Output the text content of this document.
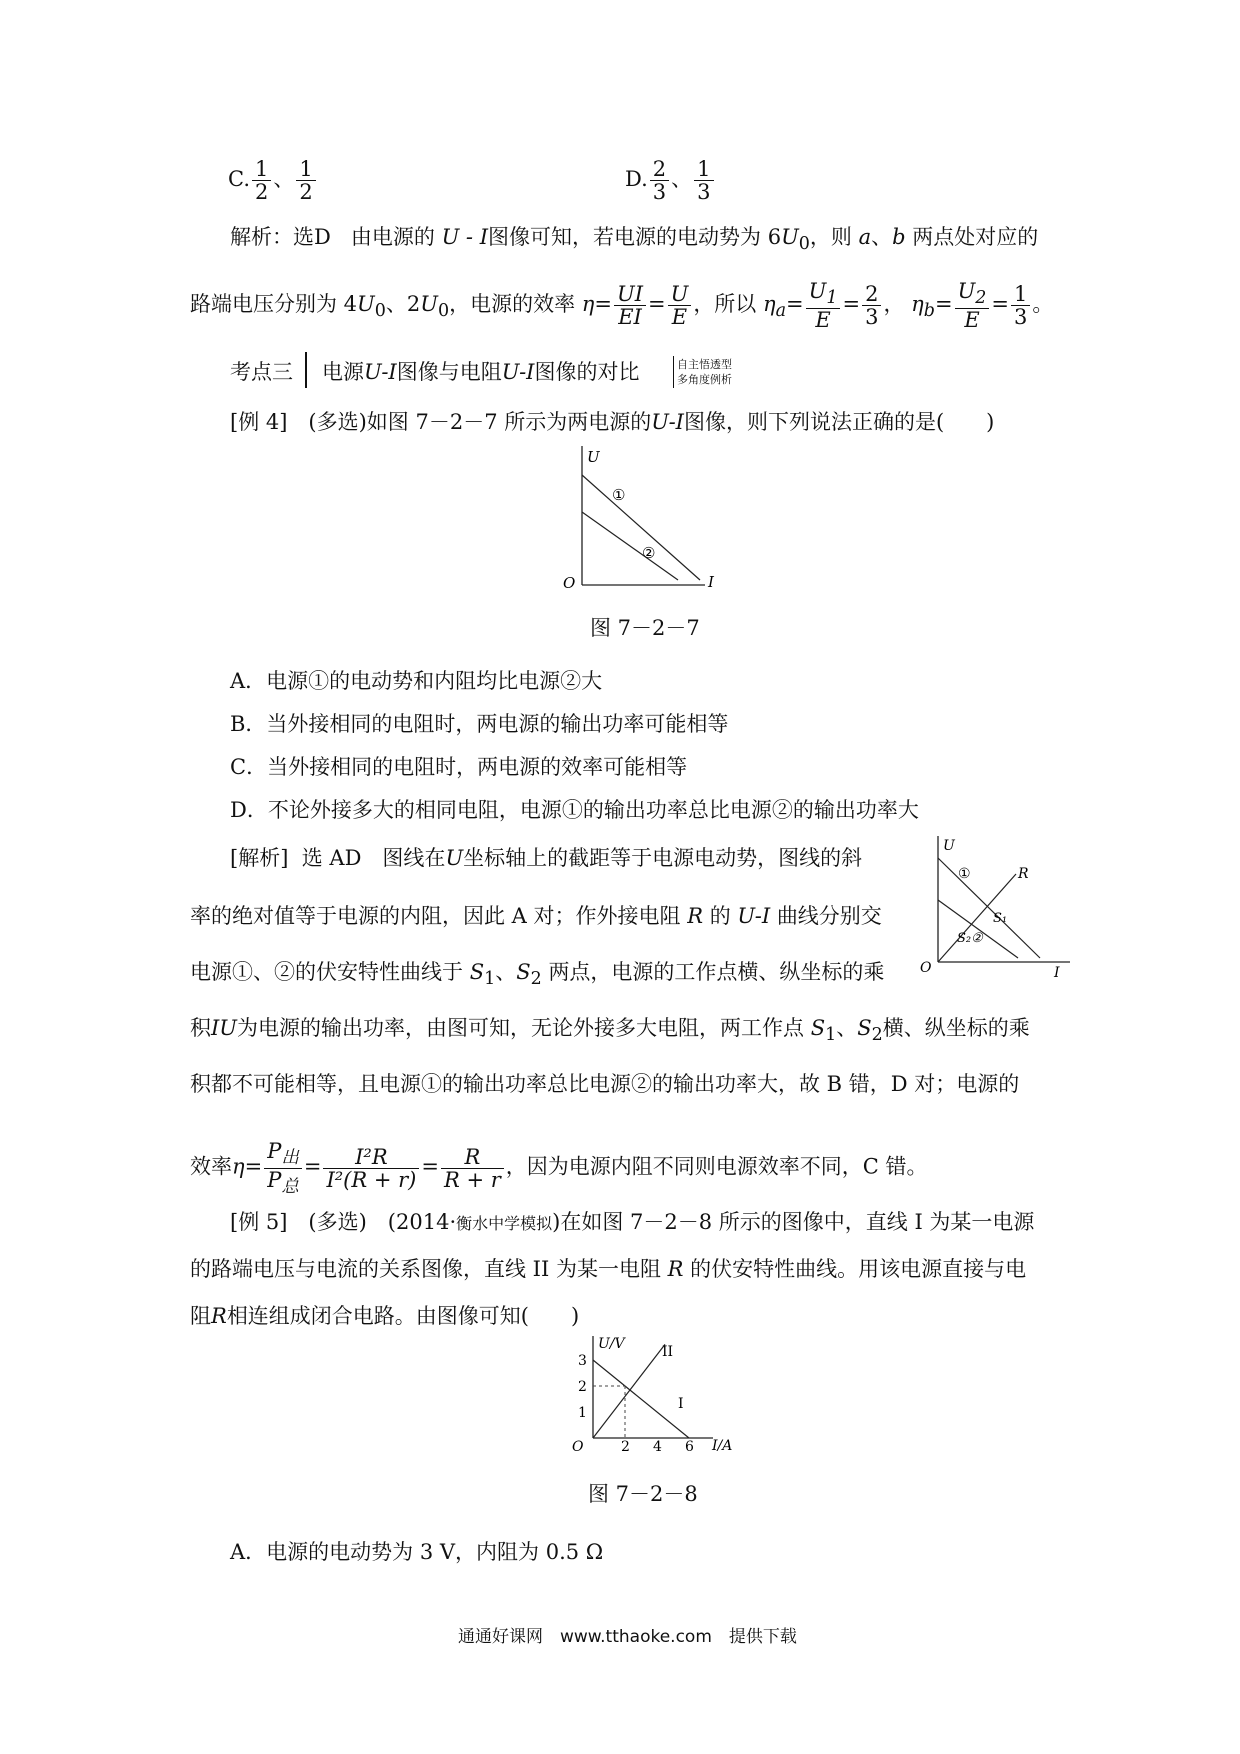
C. $\frac{1}{2}$ 、 $\frac{1}{2}$	D. $\frac{2}{3}$ 、 $\frac{1}{3}$
解析：选D 由电源的 U - I图像可知，若电源的电动势为 $6U_0$，则 a、b 两点处对应的
路端电压分别为 $4U_0$、$2U_0$，电源的效率 $\eta= \frac{UI}{EI} = \frac{U}{E}$ ，所以 $\eta_a= \frac{U_1}{E} = \frac{2}{3}$ ， $\eta_b= \frac{U_2}{E} = \frac{1}{3}$ 。
考点三 电源U-I图像与电阻U-I图像的对比	自主悟透型
多角度例析
[例 4]　(多选)如图 7－2－7 所示为两电源的U-I图像，则下列说法正确的是(　　)
U
I
O
①
②
图 7－2－7
A．电源①的电动势和内阻均比电源②大
B．当外接相同的电阻时，两电源的输出功率可能相等
C．当外接相同的电阻时，两电源的效率可能相等
D．不论外接多大的相同电阻，电源①的输出功率总比电源②的输出功率大
[解析] 选 AD　图线在U坐标轴上的截距等于电源电动势，图线的斜
率的绝对值等于电源的内阻，因此 A 对；作外接电阻 R 的 U-I 曲线分别交
电源①、②的伏安特性曲线于 $S_1$、$S_2$ 两点，电源的工作点横、纵坐标的乘
积IU为电源的输出功率，由图可知，无论外接多大电阻，两工作点 $S_1$、$S_2$横、纵坐标的乘
积都不可能相等，且电源①的输出功率总比电源②的输出功率大，故 B 错，D 对；电源的
效率$\eta= \frac{P_出}{P_总} = \frac{\text{I²R}}{\text{I²(R + r)}} = \frac{R}{R + r}$ ，因为电源内阻不同则电源效率不同，C 错。
U
I
O
①	R
S₁
S₂②
[例 5]　(多选)　(2014·衡水中学模拟)在如图 7－2－8 所示的图像中，直线 I 为某一电源
的路端电压与电流的关系图像，直线 II 为某一电阻 R 的伏安特性曲线。用该电源直接与电
阻R相连组成闭合电路。由图像可知(　　)
U/V
I/A
O
1
2
3
2 4 6
I
II
图 7－2－8
A．电源的电动势为 3 V，内阻为 0.5 Ω
通通好课网　www.tthaoke.com　提供下载
